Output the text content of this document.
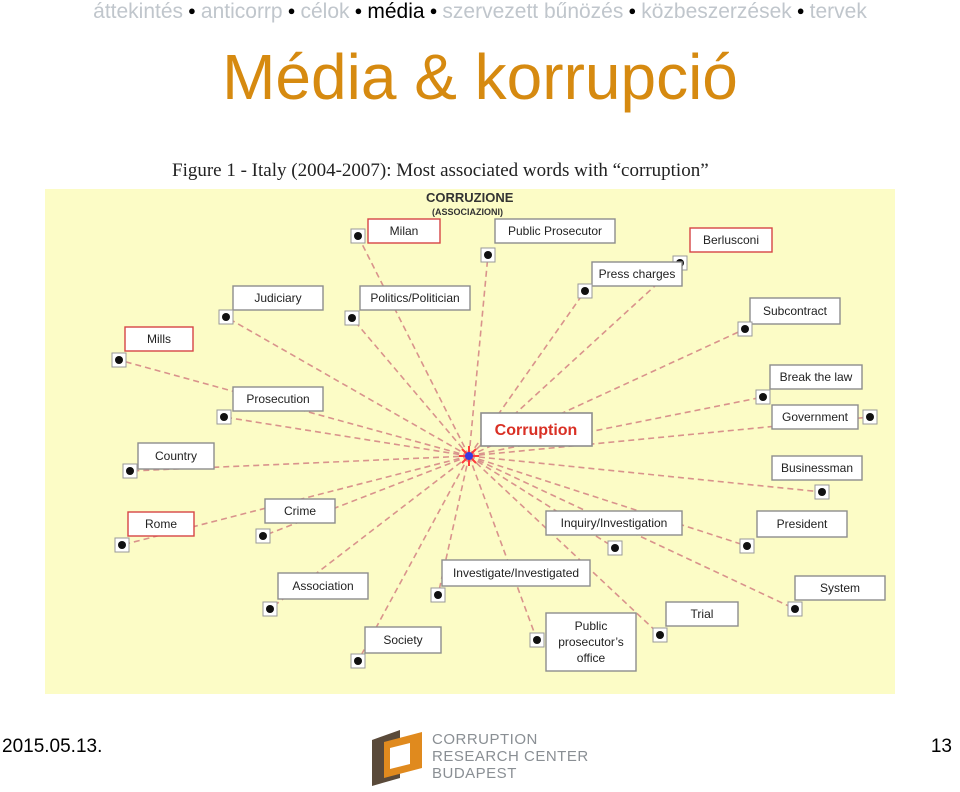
áttekintés ● anticorrp ● célok ● média ● szervezett bűnözés ● közbeszerzések ● tervek
Média & korrupció
Figure 1 - Italy (2004-2007): Most associated words with “corruption”
CORRUZIONE
(ASSOCIAZIONI)
Milan	Public Prosecutor
Berlusconi
Press charges
Judiciary	Politics/Politician
Subcontract
Mills
Break the law
Prosecution
Government
Country
Businessman
Crime
Rome	Inquiry/Investigation	President
Investigate/Investigated
Association	System
Trial
Society
Public
prosecutor’s
office
Corruption
2015.05.13.	CORRUPTION
RESEARCH CENTER
BUDAPEST
13
